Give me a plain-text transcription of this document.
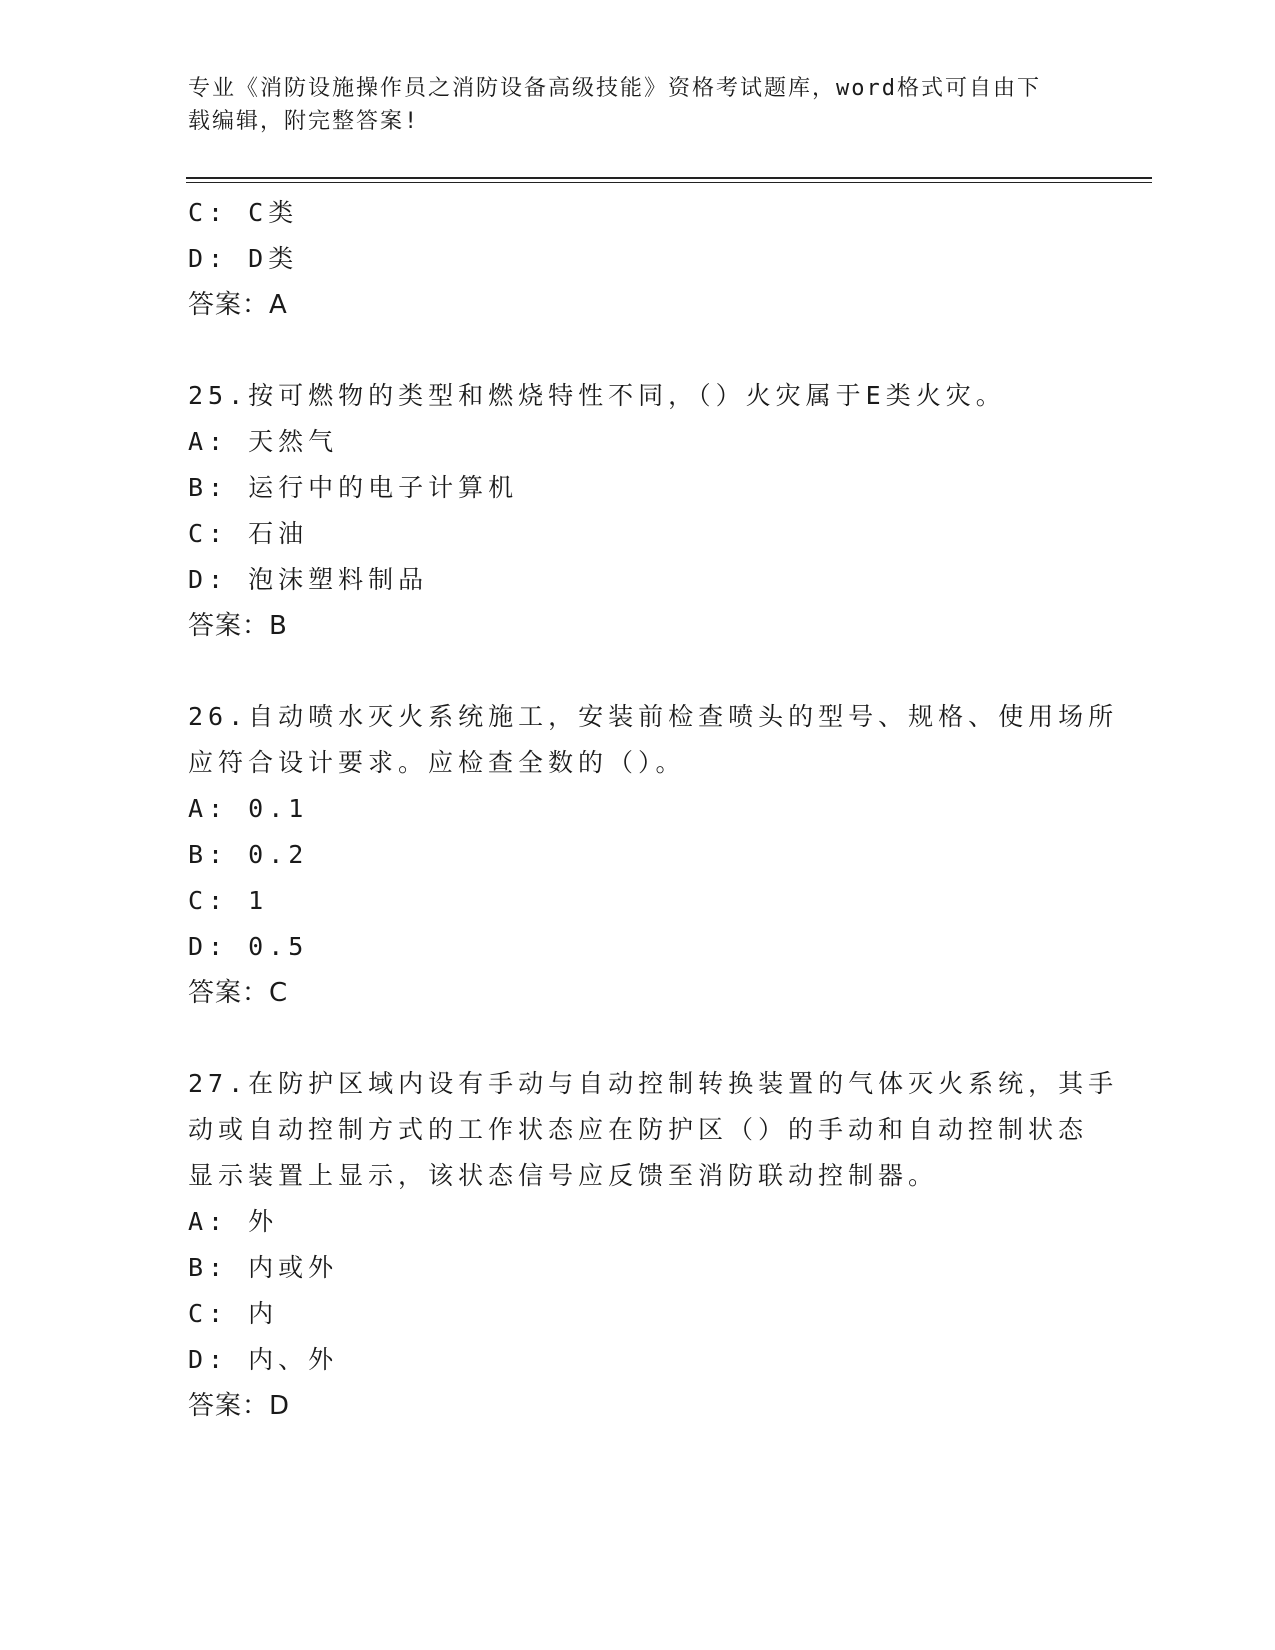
专业《消防设施操作员之消防设备高级技能》资格考试题库，word格式可自由下
载编辑，附完整答案!
C: C类
D: D类
答案：A
25.按可燃物的类型和燃烧特性不同，（）火灾属于E类火灾。
A: 天然气
B: 运行中的电子计算机
C: 石油
D: 泡沫塑料制品
答案：B
26.自动喷水灭火系统施工，安装前检查喷头的型号、规格、使用场所
应符合设计要求。应检查全数的（）。
A: 0.1
B: 0.2
C: 1
D: 0.5
答案：C
27.在防护区域内设有手动与自动控制转换装置的气体灭火系统，其手
动或自动控制方式的工作状态应在防护区（）的手动和自动控制状态
显示装置上显示，该状态信号应反馈至消防联动控制器。
A: 外
B: 内或外
C: 内
D: 内、外
答案：D
